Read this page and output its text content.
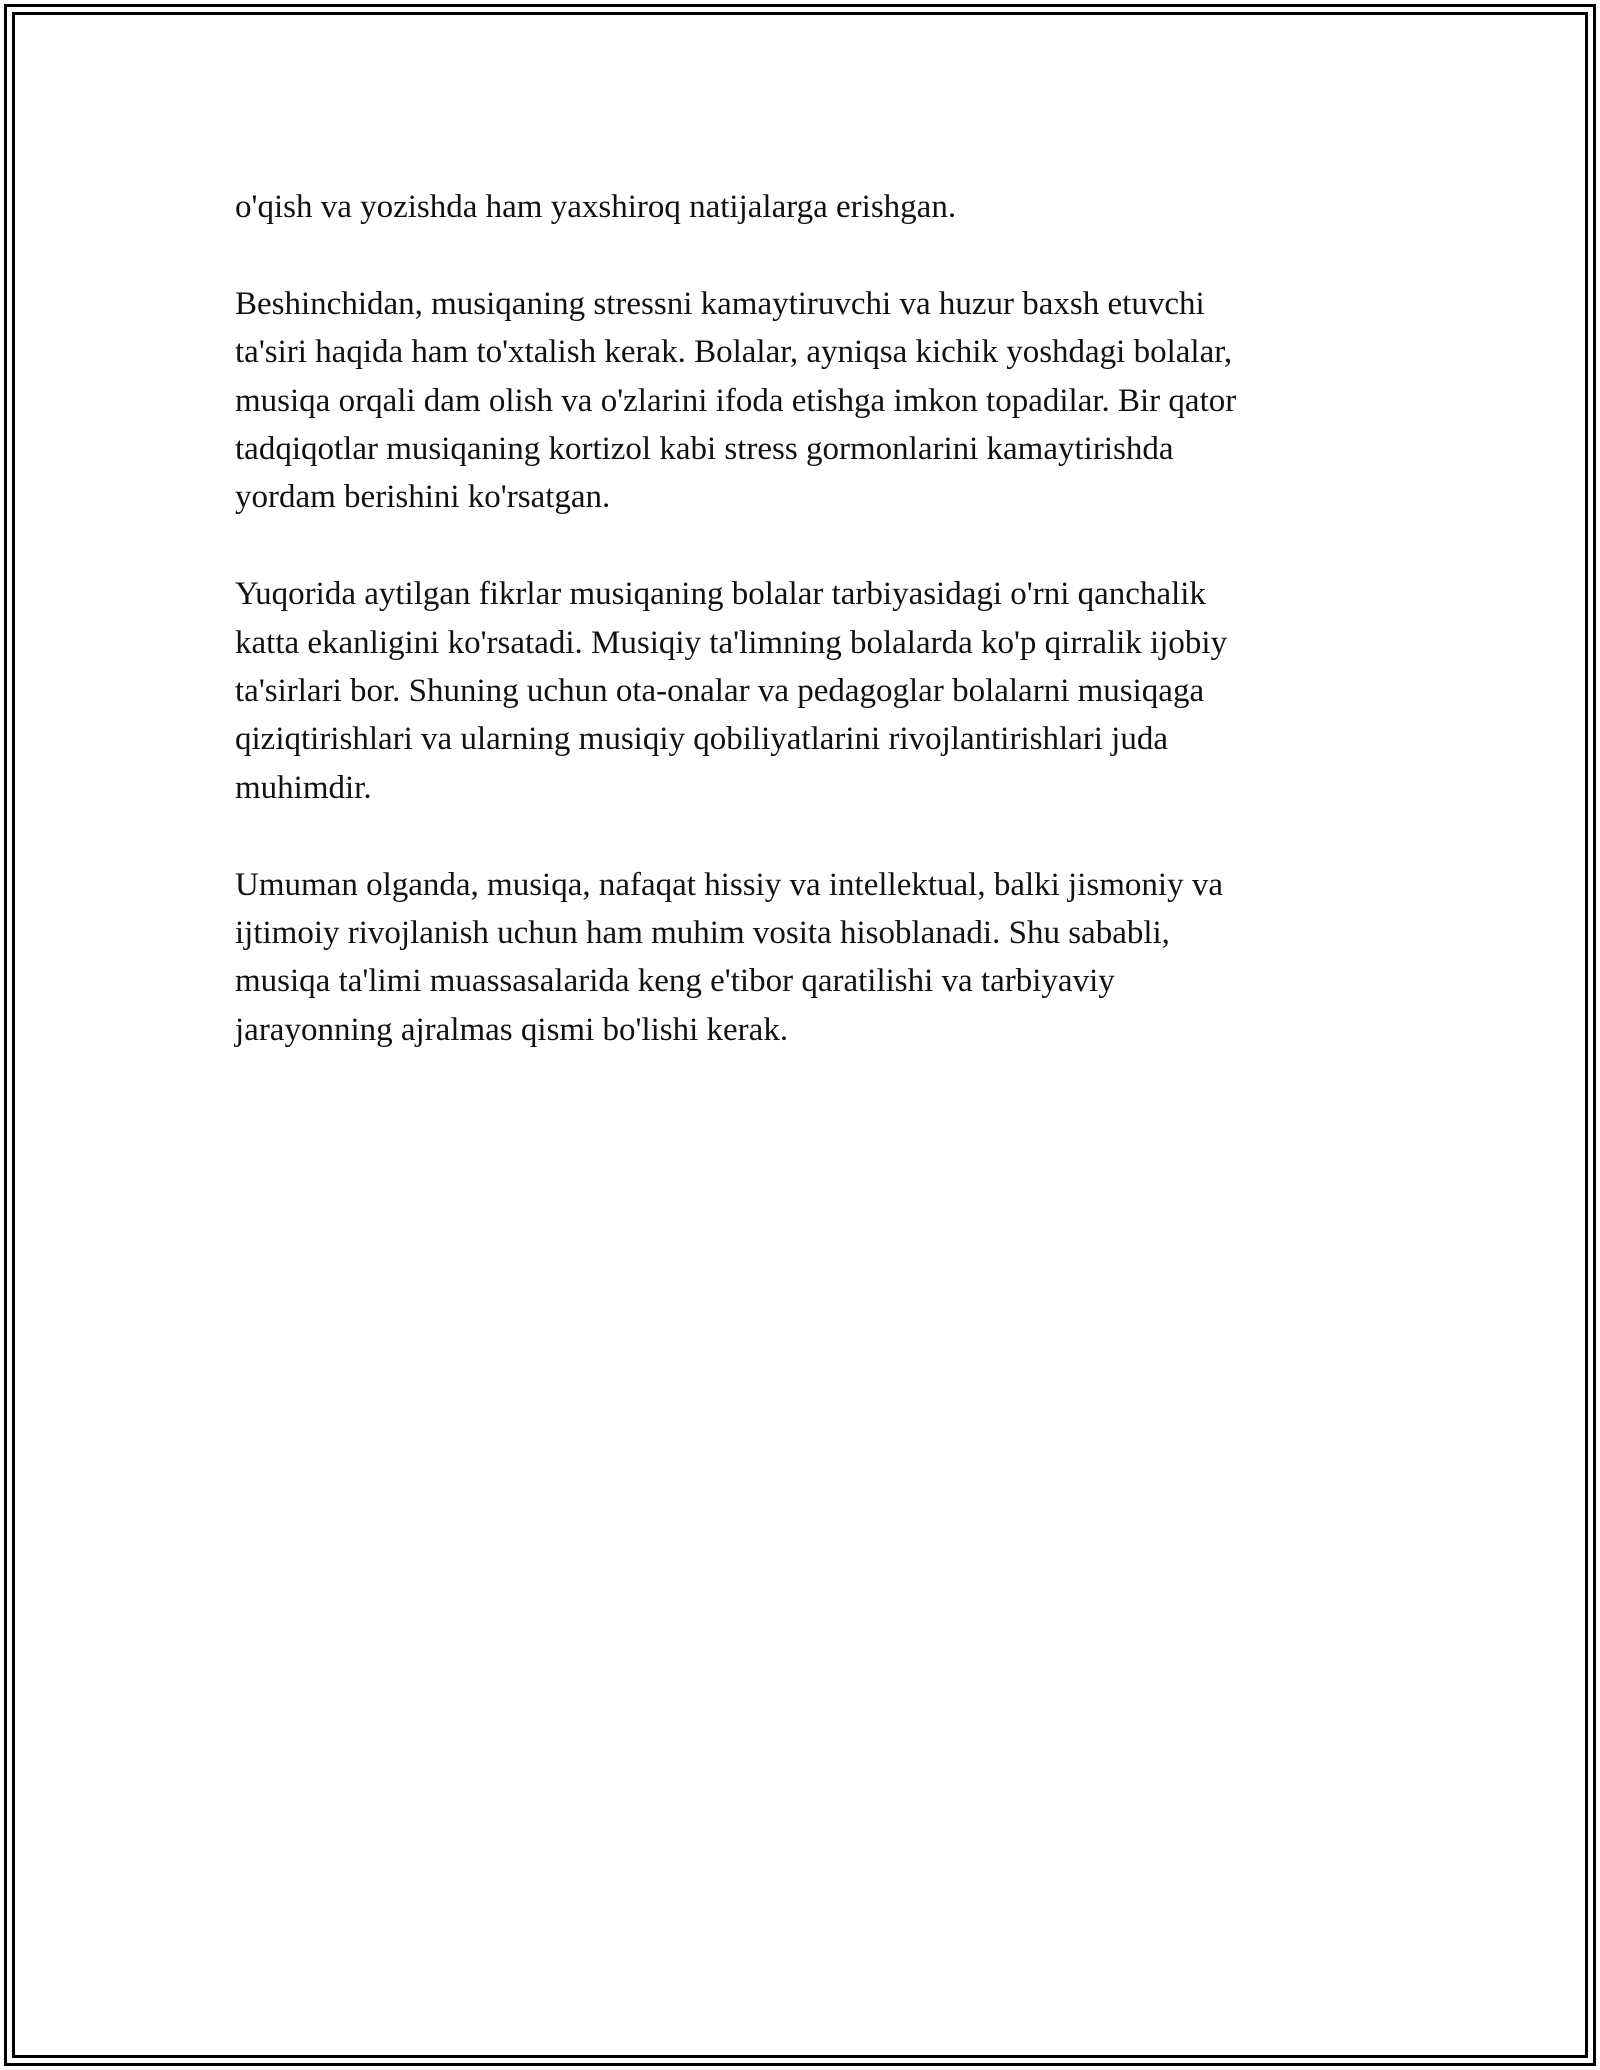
o'qish va yozishda ham yaxshiroq natijalarga erishgan.

Beshinchidan, musiqaning stressni kamaytiruvchi va huzur baxsh etuvchi
ta'siri haqida ham to'xtalish kerak. Bolalar, ayniqsa kichik yoshdagi bolalar,
musiqa orqali dam olish va o'zlarini ifoda etishga imkon topadilar. Bir qator
tadqiqotlar musiqaning kortizol kabi stress gormonlarini kamaytirishda
yordam berishini ko'rsatgan.

Yuqorida aytilgan fikrlar musiqaning bolalar tarbiyasidagi o'rni qanchalik
katta ekanligini ko'rsatadi. Musiqiy ta'limning bolalarda ko'p qirralik ijobiy
ta'sirlari bor. Shuning uchun ota-onalar va pedagoglar bolalarni musiqaga
qiziqtirishlari va ularning musiqiy qobiliyatlarini rivojlantirishlari juda
muhimdir.

Umuman olganda, musiqa, nafaqat hissiy va intellektual, balki jismoniy va
ijtimoiy rivojlanish uchun ham muhim vosita hisoblanadi. Shu sababli,
musiqa ta'limi muassasalarida keng e'tibor qaratilishi va tarbiyaviy
jarayonning ajralmas qismi bo'lishi kerak.
